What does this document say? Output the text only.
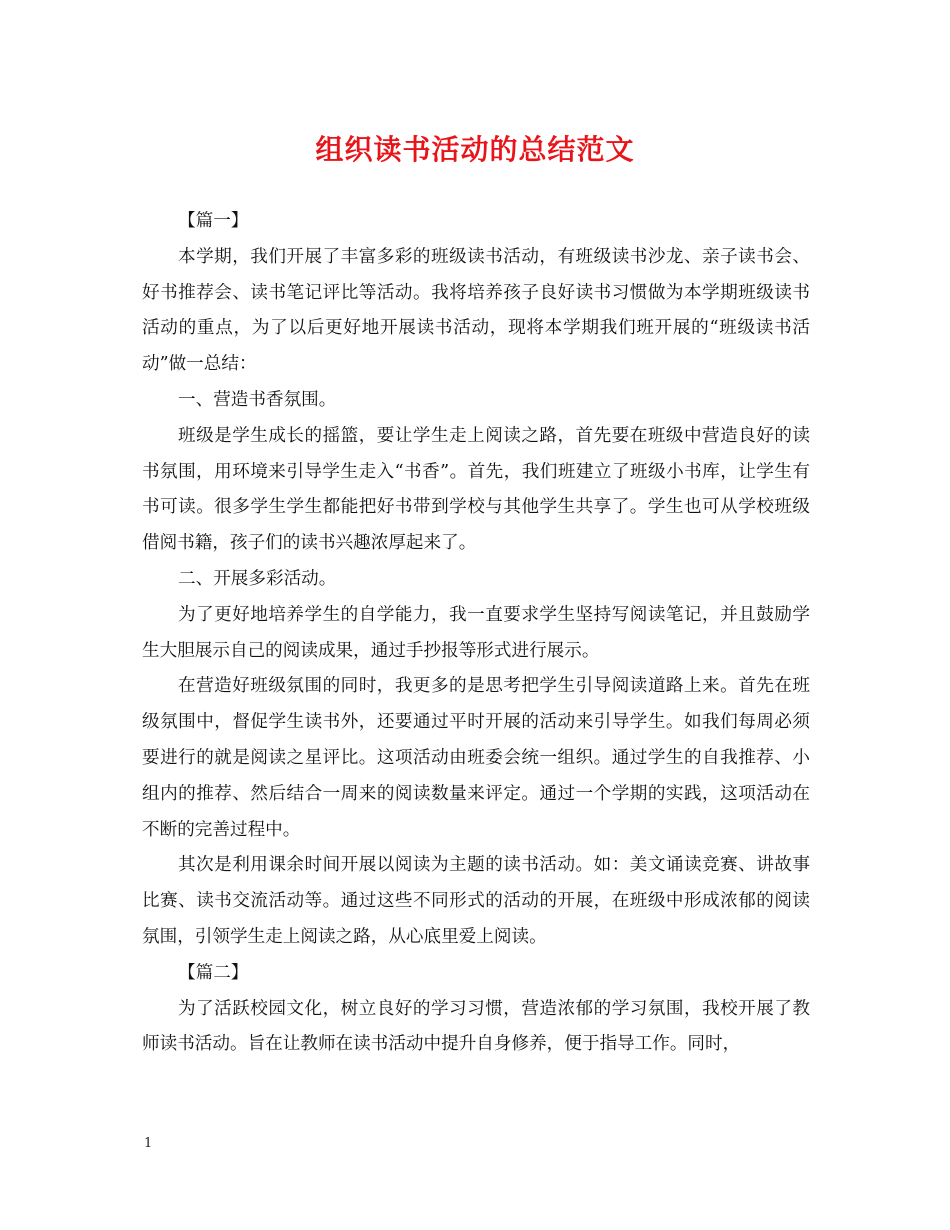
组织读书活动的总结范文
【篇一】

本学期，我们开展了丰富多彩的班级读书活动，有班级读书沙龙、亲子读书会、好书推荐会、读书笔记评比等活动。我将培养孩子良好读书习惯做为本学期班级读书活动的重点，为了以后更好地开展读书活动，现将本学期我们班开展的“班级读书活动”做一总结：

一、营造书香氛围。

班级是学生成长的摇篮，要让学生走上阅读之路，首先要在班级中营造良好的读书氛围，用环境来引导学生走入“书香”。首先，我们班建立了班级小书库，让学生有书可读。很多学生学生都能把好书带到学校与其他学生共享了。学生也可从学校班级借阅书籍，孩子们的读书兴趣浓厚起来了。

二、开展多彩活动。

为了更好地培养学生的自学能力，我一直要求学生坚持写阅读笔记，并且鼓励学生大胆展示自己的阅读成果，通过手抄报等形式进行展示。

在营造好班级氛围的同时，我更多的是思考把学生引导阅读道路上来。首先在班级氛围中，督促学生读书外，还要通过平时开展的活动来引导学生。如我们每周必须要进行的就是阅读之星评比。这项活动由班委会统一组织。通过学生的自我推荐、小组内的推荐、然后结合一周来的阅读数量来评定。通过一个学期的实践，这项活动在不断的完善过程中。

其次是利用课余时间开展以阅读为主题的读书活动。如：美文诵读竞赛、讲故事比赛、读书交流活动等。通过这些不同形式的活动的开展，在班级中形成浓郁的阅读氛围，引领学生走上阅读之路，从心底里爱上阅读。

【篇二】

为了活跃校园文化，树立良好的学习习惯，营造浓郁的学习氛围，我校开展了教师读书活动。旨在让教师在读书活动中提升自身修养，便于指导工作。同时，

1
